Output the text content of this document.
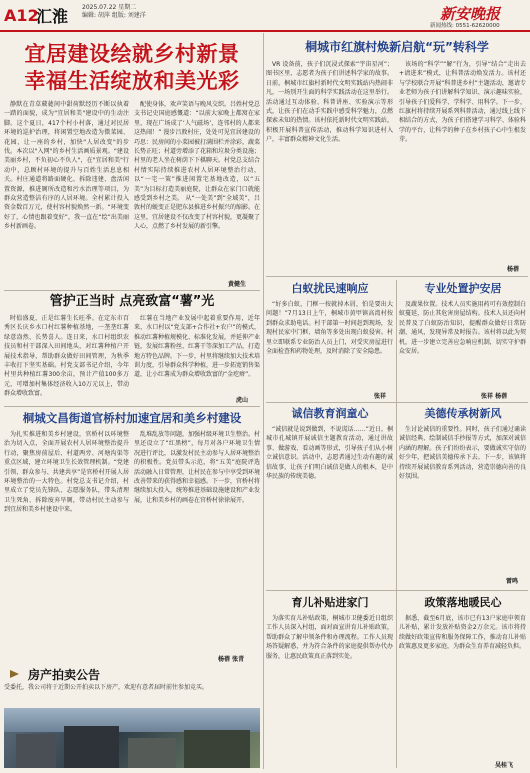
A12
汇淮 2025.07.22 星期二
编辑: 胡萍 组版: 刘建洋	新安晚报
新闻热线: 0551-62620000
宜居建设绘就乡村新景
幸福生活绽放和美光彩
静默在青草葳蕤间中甜荷默经历不断以执着一踏的面貌，成为"宜居和美"建设中的生动注脚。这个夏日，417个村小村落，通过对民居环境的巡护治理，将闲置空地改造为微菜园、花园，让一座的乡村，加快"人居改变"的步伐。本次以"入网"的乡村生活画质景观。"建设美丽乡村，不负初心不负人"，在"宜居和美"行动中，总顾村环境的提升与百姓生活息息相关。村庄通道将路面硬化、拆除违建、盘活闲置资源，推进厕所改造和污水治理等项目，为群众营造整洁有序的人居环境。全村累计投入资金数百万元，使村容村貌焕然一新。“环境变好了，心情也跟着变好”，我一直在“绘”出美丽乡村新画卷。
配使身体，欢声笑语与晚风交织。吕姓村党总支书记史国庭感慨道：“以前大家晚上都窝在家里，现在广场成了‘人气磁场’，连邻村的人都来这热闹！” 漫步吕敦村庄，处处可见宜居建设的巧思：民房间的小菜园被打满围栏并涂彩，蔬菜长势正旺；村道旁增添了花箱和垃圾分类设施；村里的老人坐在树荫下下棋聊天。村党总支结合村情实际持续推进农村人居环境整治行动，以“一宅一策”推进闲置宅基地改造，以“五美”为目标打造美丽庭院，让群众在家门口就能感受到乡村之美。 从“一处美”到“全域美”，吕敦村的蜕变正是肥东县推进乡村振兴的缩影。在这里，宜居建设不仅改变了村容村貌，更凝聚了人心，点燃了乡村发展的新引擎。
黄健生
管护正当时 点亮致富“薯”光
时值盛夏，正是红薯生长旺季。在定东市百秀区长庆乡水口村红薯种植基地，一垄垄红薯绿意盎然、长势喜人。连日来，水口村组织农技员和村干部深入田间地头，对红薯种植户开展技术指导，帮助群众做好田间管理，为秋季丰收打下坚实基础。村党支部书记介绍，今年村里共种植红薯300余亩，预计产值100多万元，可增加村集体经济收入10万元以上，带动群众增收致富。
红薯在当地产业发展中起着重要作用，近年来，水口村以“党支部+合作社+农户”的模式，推动红薯种植规模化、标准化发展，并延伸产业链，发展红薯粉丝、红薯干等深加工产品，打造地方特色品牌。下一步，村里将继续加大技术培训力度，引导群众科学种植，进一步拓宽销售渠道，让小红薯成为群众增收致富的“金疙瘩”。
虎山
桐城文昌街道官桥村加速宜居和美乡村建设
为扎实推进和美乡村建设，官桥村以环境整治为切入点，全面开展农村人居环境整治提升行动，聚焦房前屋后、村道两旁、河塘沟渠等重点区域，建立环境卫生长效管理机制。“党建引领、群众参与、共建共享”是官桥村开展人居环境整治的一大特色。村党总支书记介绍，村里成立了党员先锋队、志愿服务队，带头清理卫生死角、拆除废弃旱厕，带动村民主动参与到宜居和美乡村建设中来。
乱堆乱放等问题，加强村级环境卫生整治。村里还设立了“红黑榜”，每月对各户环境卫生情况进行评比，以激发村民主动参与人居环境整治的积极性。党员带头示范，将“五美”庭院评选活动融入日常管理，让村民在参与中享受到环境改善带来的获得感和幸福感。下一步，官桥村将继续加大投入，统筹推进基础设施建设和产业发展，让和美乡村的画卷在官桥村徐徐展开。
杨蓓 张青
房产拍卖公告
受委托，我公司将于近期公开拍卖以下房产，欢迎有意者届时前往参加竞买。
桐城市红旗村焕新启航“玩”转科学
VR 设备前，孩子们沉浸式探索“宇宙星河”；图书区里，志愿者为孩子们讲述科学家的故事。日前，桐城市红旗村新时代文明实践站内热闹非凡，一场别开生面的科学实践活动在这里举行。活动通过互动体验、科普讲座、实验演示等形式，让孩子们在动手实践中感受科学魅力，点燃探索未知的热情。该村依托新时代文明实践站，积极开展科普宣传活动，推动科学知识进村入户，丰富群众精神文化生活。
该场的“科学”“解”行为，引导“结合”走出去+请进来”模式，让科普活动焕发活力。该村还与学校联合开展“科普进乡村”主题活动，邀请专业老师为孩子们讲解科学知识、演示趣味实验，引导孩子们爱科学、学科学、用科学。下一步，红旗村将持续开展系列科普活动，通过线上线下相结合的方式，为孩子们搭建学习科学、体验科学的平台，让科学的种子在乡村孩子心中生根发芽。
杨蓓
白蚁扰民速响应
“好多白蚁，门框一按就掉木屑，怕是要出大问题！”7月13日上午，桐城市黄甲镇高湾村按到群众求助电话。村干部第一时间赶到现场，发现村民家中门框、墙角等多处出现白蚁侵害。村里立即联系专业防治人员上门，对受灾房屋进行全面检查和药物处理，及时消除了安全隐患。
张祥
专业处置护安居
及蔬果位置。技术人员实施用药可有效控制白蚁蔓延，防止其危害房屋结构。技术人员还向村民普及了白蚁防治知识，提醒群众做好日常防潮、通风，发现异常及时报告。该村将以此为契机，进一步建立完善应急响应机制，切实守护群众安居。
张祥 杨蓓
诚信教育润童心
“诚信就是说到做到，不说谎话……”近日，桐城市孔城镇开展诚信主题教育活动，通过讲故事、做游戏、看动画等形式，引导孩子们从小树立诚信意识。活动中，志愿者通过生动有趣的诚信故事，让孩子们明白诚信是做人的根本，是中华民族的传统美德。
美德传承树新风
生讨论诚信的重要性。同时，孩子们通过诵读诚信经典、绘制诚信手抄报等方式，加深对诚信内涵的理解。孩子们纷纷表示，要做诚实守信的好少年，把诚信美德传承下去。下一步，该镇将持续开展诚信教育系列活动，营造崇德向善的良好氛围。
雷鸣
育儿补贴进家门
为落实育儿补贴政策，桐城市卫健委近日组织工作人员深入村组，面对面宣讲育儿补贴政策，帮助群众了解申领条件和办理流程。工作人员现场答疑解惑，并为符合条件的家庭提供帮办代办服务，让惠民政策真正落到实处。
政策落地暖民心
据悉，截至6月底，该市已有13户家庭申领育儿补贴，累计发放补贴资金2万余元。该市将持续做好政策宣传和服务保障工作，推动育儿补贴政策惠及更多家庭，为群众生育养育减轻负担。
吴桂飞
